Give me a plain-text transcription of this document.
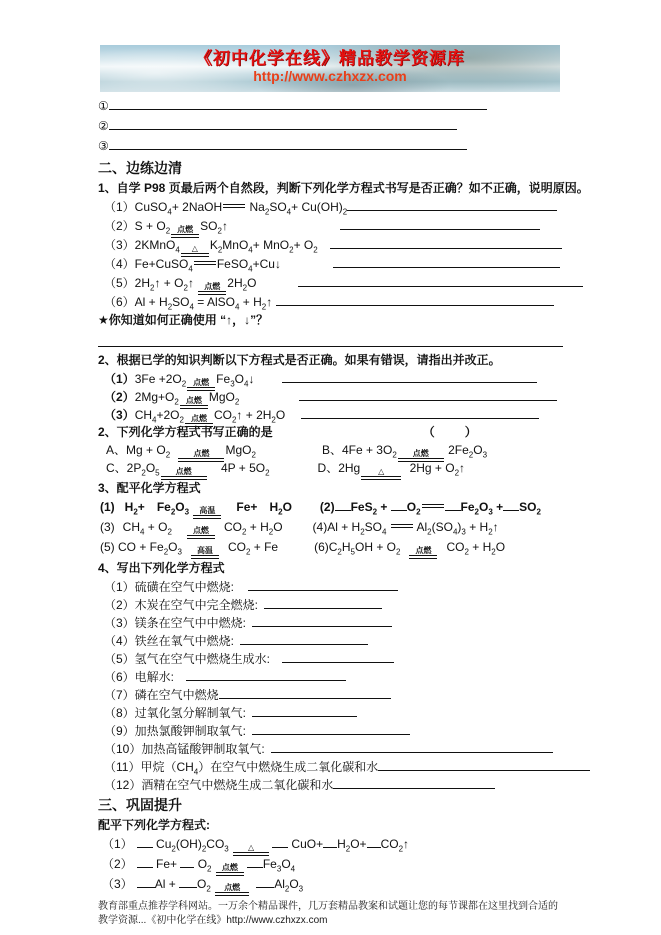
《初中化学在线》精品教学资源库
http://www.czhxzx.com
①
②
③
二、边练边清
1、自学 P98 页最后两个自然段，判断下列化学方程式书写是否正确？如不正确，说明原因。
（1）CuSO$_4$+ 2NaOH
$Na_2SO_4+ Cu(OH)_2$
$(2)S + O_2$ 点燃 $SO_2↑$
（3）2KMnO$_4$ △ $K_2MnO_4+ MnO_2+ O_2$
（4）Fe+CuSO$_4$ FeSO$_4$+Cu↓
$(5)2H_2↑$ + $O_2↑$ 点燃 $2H_2O$
$(6)Al + H_2SO_4$ = AlSO$_4$ + $H_2↑$
★你知道如何正确使用 “↑，↓”？
2、根据已学的知识判断以下方程式是否正确。如果有错误，请指出并改正。
$(1)3Fe +2O_2$ 点燃 $Fe_3O_4↓$
$(2)2Mg+O_2$ 点燃 MgO$_2$
$(3)CH_4+2O_2$ 点燃 $CO_2↑ + 2H_2O$
2、下列化学方程式书写正确的是	（	）
A、$Mg + O_2$	点燃 MgO$_2$	B、$4Fe + 3O_2$ 点燃 $2Fe_2O_3$
C、$2P_2O_5$ 点燃 $4P + 5O_2$	D、2Hg △ $2Hg + O_2↑$
3、配平化学方程式
(1) $H_2+ Fe_2O_3$ 高温 $Fe+ H_2O$ (2) $FeS_2 + O_2$	$Fe_2O_3 + SO_2$
(3) $CH_4 + O_2$	点燃 $CO_2 + H_2O$	$(4)Al + H_2SO_4$
$Al_2(SO_4)_3$ + $H_2↑$
(5) CO + $Fe_2O_3$ 高温 $CO_2 + Fe$	$(6)C_2H_5OH + O_2$ 点燃 $CO_2 + H_2O$
4、写出下列化学方程式
（1）硫磺在空气中燃烧:
（2）木炭在空气中完全燃烧:
（3）镁条在空气中中燃烧:
（4）铁丝在氧气中燃烧:
（5）氢气在空气中燃烧生成水:
（6）电解水:
（7）磷在空气中燃烧
（8）过氧化氢分解制氧气:
（9）加热氯酸钾制取氧气:
（10）加热高锰酸钾制取氧气:
（11）甲烷$(CH_4)$在空气中燃烧生成二氧化碳和水
（12）酒精在空气中燃烧生成二氧化碳和水
三、巩固提升
配平下列化学方程式:
（1） $Cu_2(OH)_2CO_3$ △	$CuO+ H_2O+$ $CO_2↑$
（2） $Fe+ O_2$ 点燃 $Fe_3O_4$
（3） $Al + O_2$ 点燃	$Al_2O_3$
教育部重点推荐学科网站。一万余个精品课件，几万套精品教案和试题让您的每节课都在这里找到合适的
教学资源...《初中化学在线》http://www.czhxzx.com
